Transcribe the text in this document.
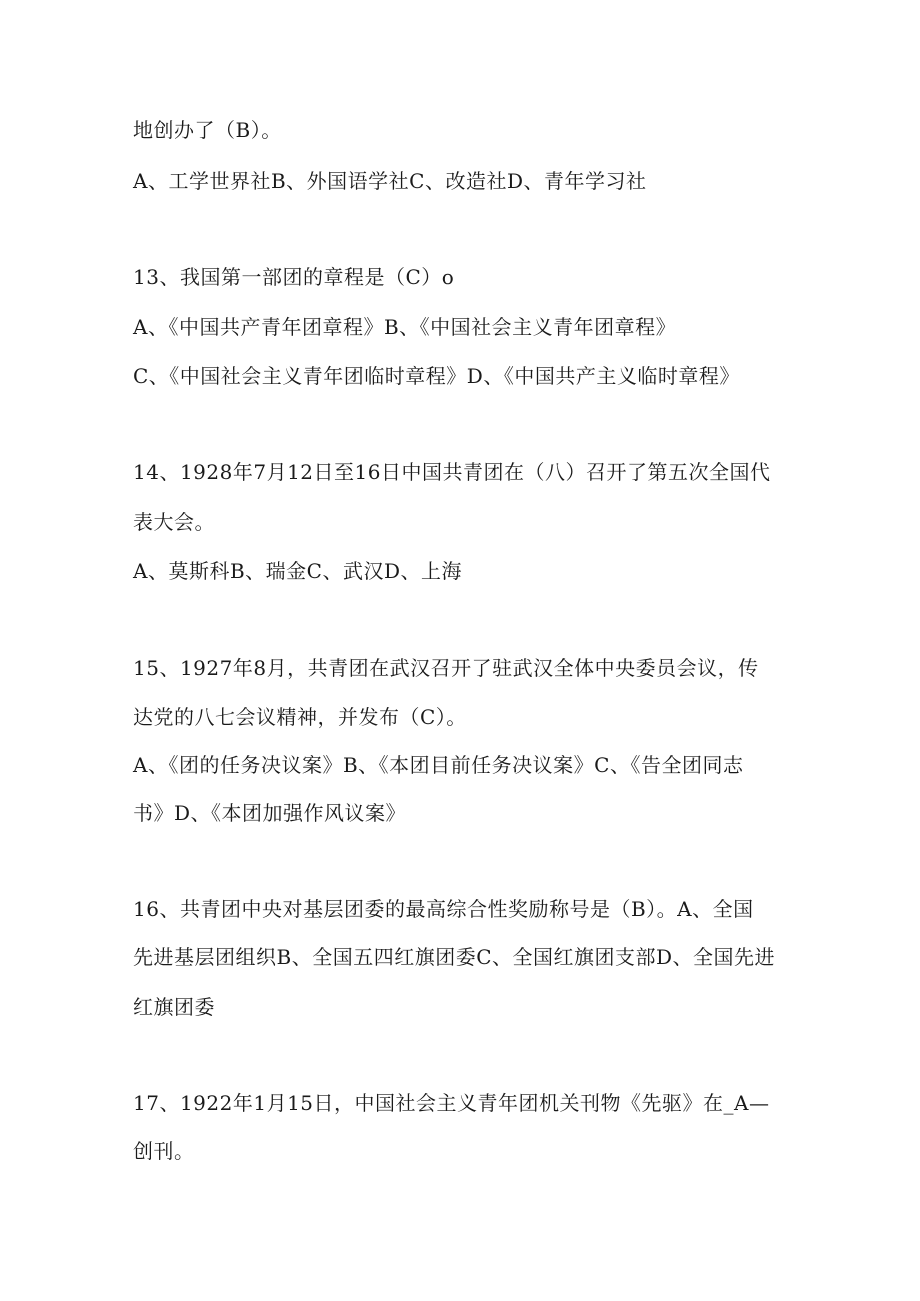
地创办了（B）。
A、工学世界社B、外国语学社C、改造社D、青年学习社
13、我国第一部团的章程是（C）o
A、《中国共产青年团章程》B、《中国社会主义青年团章程》
C、《中国社会主义青年团临时章程》D、《中国共产主义临时章程》
14、1928年7月12日至16日中国共青团在（八）召开了第五次全国代
表大会。
A、莫斯科B、瑞金C、武汉D、上海
15、1927年8月，共青团在武汉召开了驻武汉全体中央委员会议，传
达党的八七会议精神，并发布（C）。
A、《团的任务决议案》B、《本团目前任务决议案》C、《告全团同志
书》D、《本团加强作风议案》
16、共青团中央对基层团委的最高综合性奖励称号是（B）。A、全国
先进基层团组织B、全国五四红旗团委C、全国红旗团支部D、全国先进
红旗团委
17、1922年1月15日，中国社会主义青年团机关刊物《先驱》在_A—
创刊。
